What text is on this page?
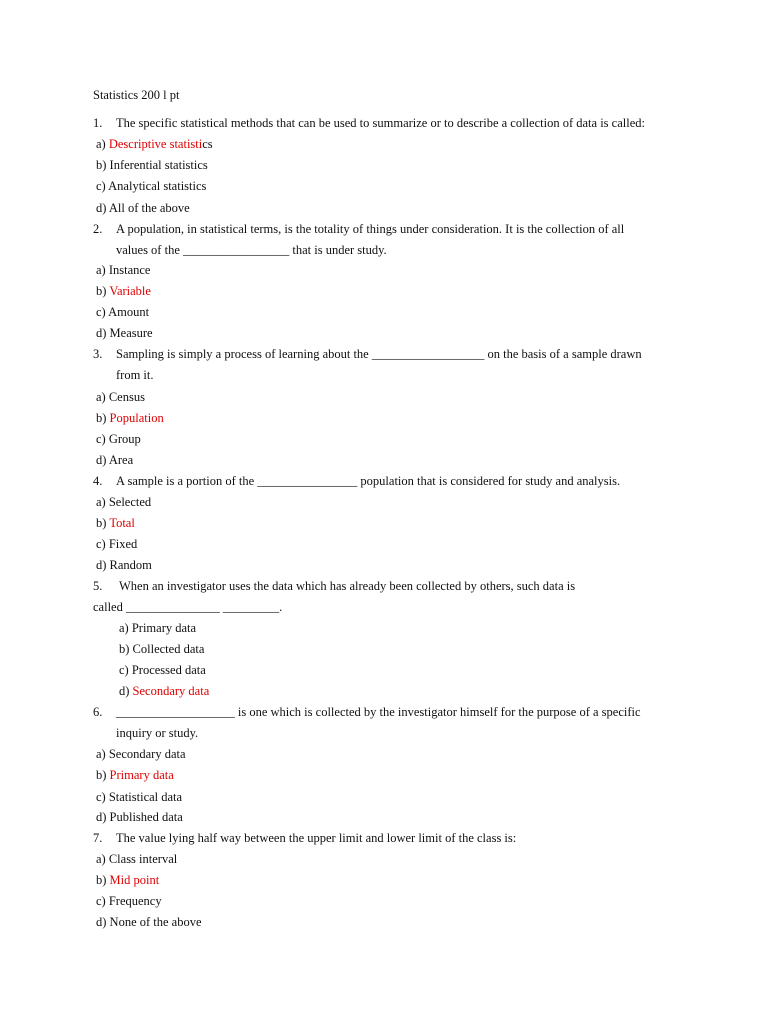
Statistics 200 l pt
1. The specific statistical methods that can be used to summarize or to describe a collection of data is called:
a) Descriptive statistics
b) Inferential statistics
c) Analytical statistics
d) All of the above
2. A population, in statistical terms, is the totality of things under consideration. It is the collection of all
values of the _________________ that is under study.
a) Instance
b) Variable
c) Amount
d) Measure
3. Sampling is simply a process of learning about the __________________ on the basis of a sample drawn
from it.
a) Census
b) Population
c) Group
d) Area
4. A sample is a portion of the ________________ population that is considered for study and analysis.
a) Selected
b) Total
c) Fixed
d) Random
5. When an investigator uses the data which has already been collected by others, such data is
called _______________ _________.
a) Primary data
b) Collected data
c) Processed data
d) Secondary data
6. ___________________ is one which is collected by the investigator himself for the purpose of a specific
inquiry or study.
a) Secondary data
b) Primary data
c) Statistical data
d) Published data
7. The value lying half way between the upper limit and lower limit of the class is:
a) Class interval
b) Mid point
c) Frequency
d) None of the above
